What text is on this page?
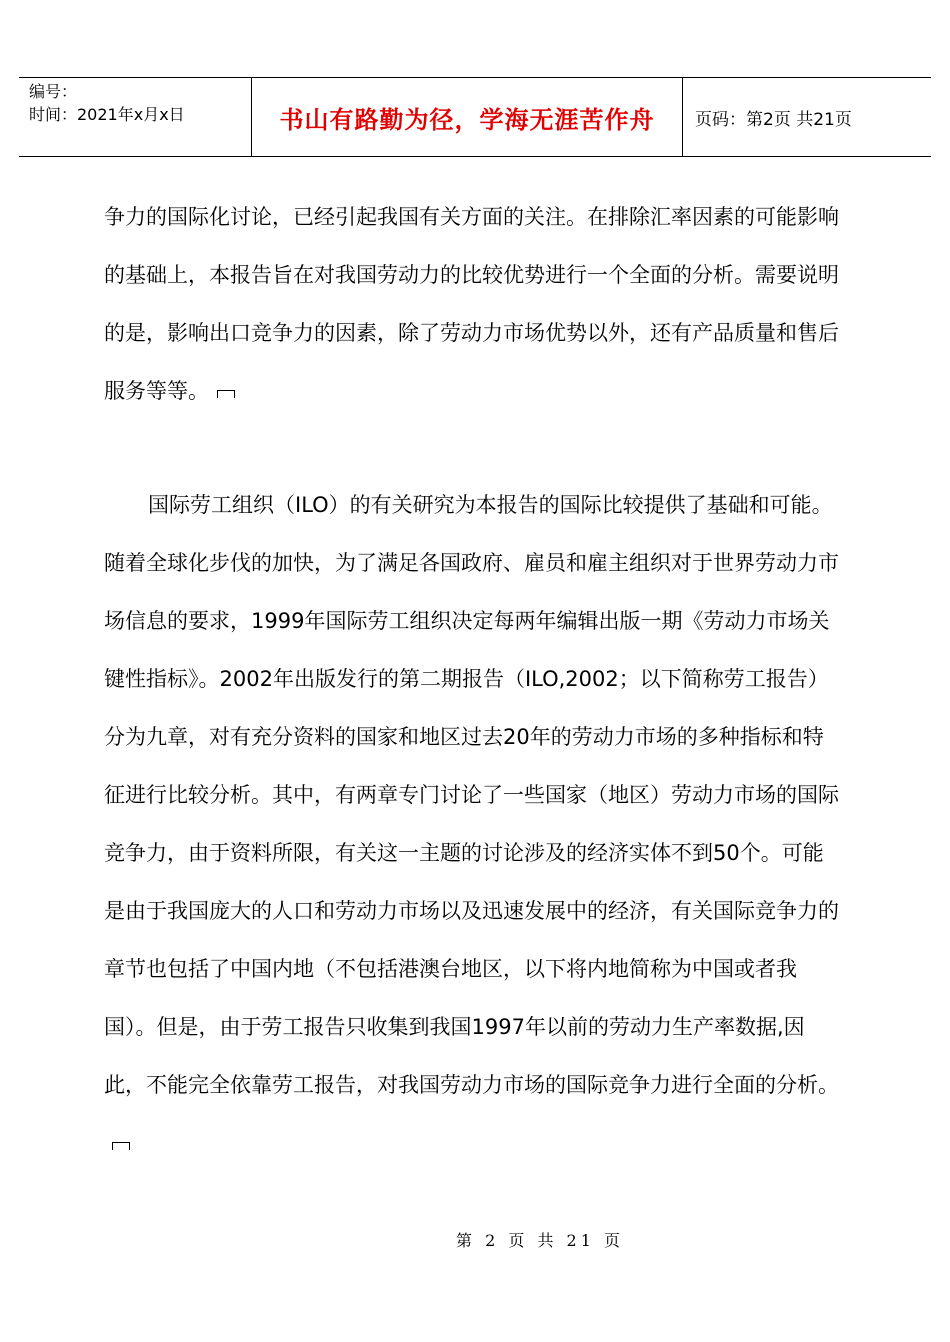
编号：
时间：2021年x月x日	书山有路勤为径，学海无涯苦作舟 页码：第2页 共21页

争力的国际化讨论，已经引起我国有关方面的关注。在排除汇率因素的可能影响的基础上，本报告旨在对我国劳动力的比较优势进行一个全面的分析。需要说明的是，影响出口竞争力的因素，除了劳动力市场优势以外，还有产品质量和售后服务等等。

国际劳工组织（ILO）的有关研究为本报告的国际比较提供了基础和可能。随着全球化步伐的加快，为了满足各国政府、雇员和雇主组织对于世界劳动力市场信息的要求，1999年国际劳工组织决定每两年编辑出版一期《劳动力市场关键性指标》。2002年出版发行的第二期报告（ILO,2002；以下简称劳工报告）分为九章，对有充分资料的国家和地区过去20年的劳动力市场的多种指标和特征进行比较分析。其中，有两章专门讨论了一些国家（地区）劳动力市场的国际竞争力，由于资料所限，有关这一主题的讨论涉及的经济实体不到50个。可能是由于我国庞大的人口和劳动力市场以及迅速发展中的经济，有关国际竞争力的章节也包括了中国内地（不包括港澳台地区，以下将内地简称为中国或者我国）。但是，由于劳工报告只收集到我国1997年以前的劳动力生产率数据,因此，不能完全依靠劳工报告，对我国劳动力市场的国际竞争力进行全面的分析。

第 2 页 共 21 页
